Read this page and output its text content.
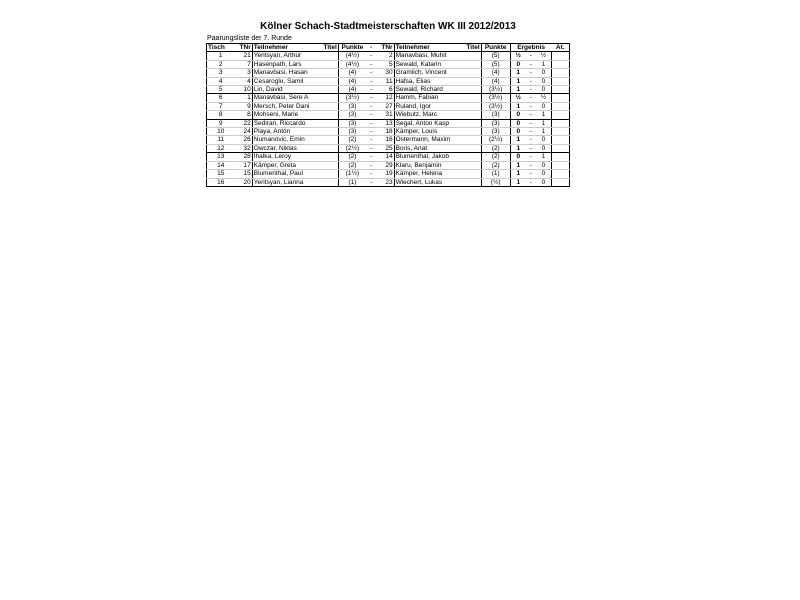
Kölner Schach-Stadtmeisterschaften WK III 2012/2013
Paarungsliste der 7. Runde
Tisch	TNr	Teilnehmer	Titel	Punkte	-	TNr	Teilnehmer	Titel	Punkte	Ergebnis			At.
1	21	Yeritsyan, Arthur		(4½)	-	2	Manavbasi, Muhit		(5)	½	-	½	
2	7	Hasenpath, Lars		(4½)	-	5	Sewald, Katarin		(5)	0	-	1	
3	3	Manavbasi, Hasan		(4)	-	30	Gramlich, Vincent		(4)	1	-	0	
4	4	Cesaroglu, Samil		(4)	-	11	Hafsa, Elias		(4)	1	-	0	
5	10	Lin, David		(4)	-	6	Sewald, Richard		(3½)	1	-	0	
6	1	Manavbasi, Sere A		(3½)	-	12	Hamm, Fabian		(3½)	½	-	½	
7	9	Mersch, Peter Dani		(3)	-	27	Ruland, Igor		(3½)	1	-	0	
8	8	Mohseni, Marie		(3)	-	31	Wiebutz, Marc		(3)	0	-	1	
9	22	Sediran, Riccardo		(3)	-	13	Segal, Anton Kasp		(3)	0	-	1	
10	24	Playa, Antón		(3)	-	18	Kämper, Louis		(3)	0	-	1	
11	26	Numanovic, Emin		(2)	-	16	Ostermann, Maxim		(2½)	1	-	0	
12	32	Owczar, Niklas		(2½)	-	25	Boris, Anat		(2)	1	-	0	
13	28	Ihalka, Leroy		(2)	-	14	Blumenthal, Jakob		(2)	0	-	1	
14	17	Kämper, Greta		(2)	-	29	Klaru, Benjamin		(2)	1	-	0	
15	15	Blumenthal, Paul		(1½)	-	19	Kämper, Helena		(1)	1	-	0	
16	20	Yeritsyan, Lianna		(1)	-	23	Wiechert, Lukas		(½)	1	-	0	
